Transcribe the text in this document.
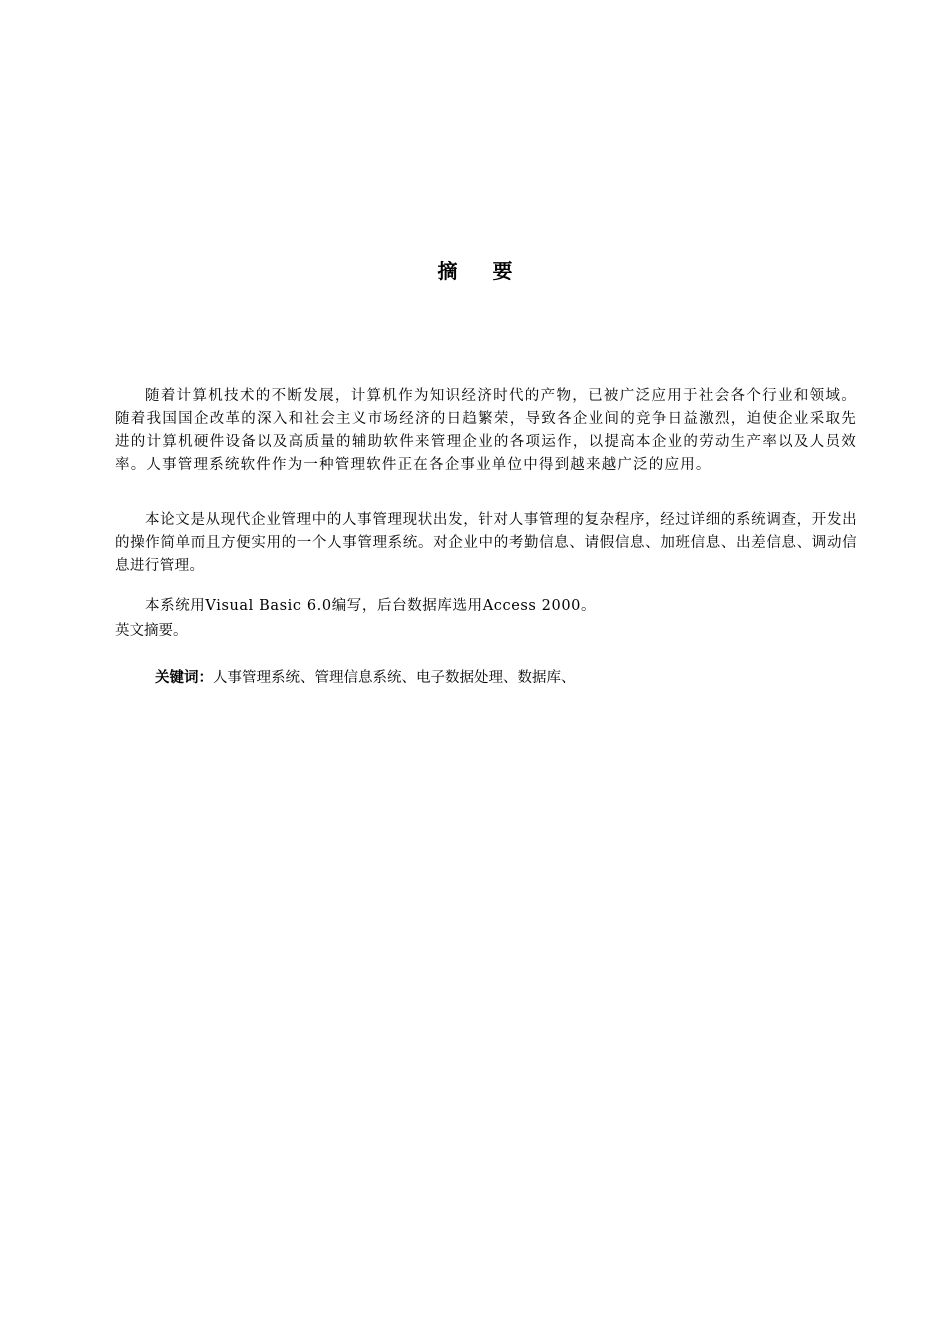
摘 要
随着计算机技术的不断发展，计算机作为知识经济时代的产物，已被广泛应用于社会各个行业和领域。随着我国国企改革的深入和社会主义市场经济的日趋繁荣，导致各企业间的竞争日益激烈，迫使企业采取先进的计算机硬件设备以及高质量的辅助软件来管理企业的各项运作，以提高本企业的劳动生产率以及人员效率。人事管理系统软件作为一种管理软件正在各企事业单位中得到越来越广泛的应用。
本论文是从现代企业管理中的人事管理现状出发，针对人事管理的复杂程序，经过详细的系统调查，开发出的操作简单而且方便实用的一个人事管理系统。对企业中的考勤信息、请假信息、加班信息、出差信息、调动信息进行管理。
本系统用Visual Basic 6.0编写，后台数据库选用Access 2000。
英文摘要。
关键词：人事管理系统、管理信息系统、电子数据处理、数据库、
